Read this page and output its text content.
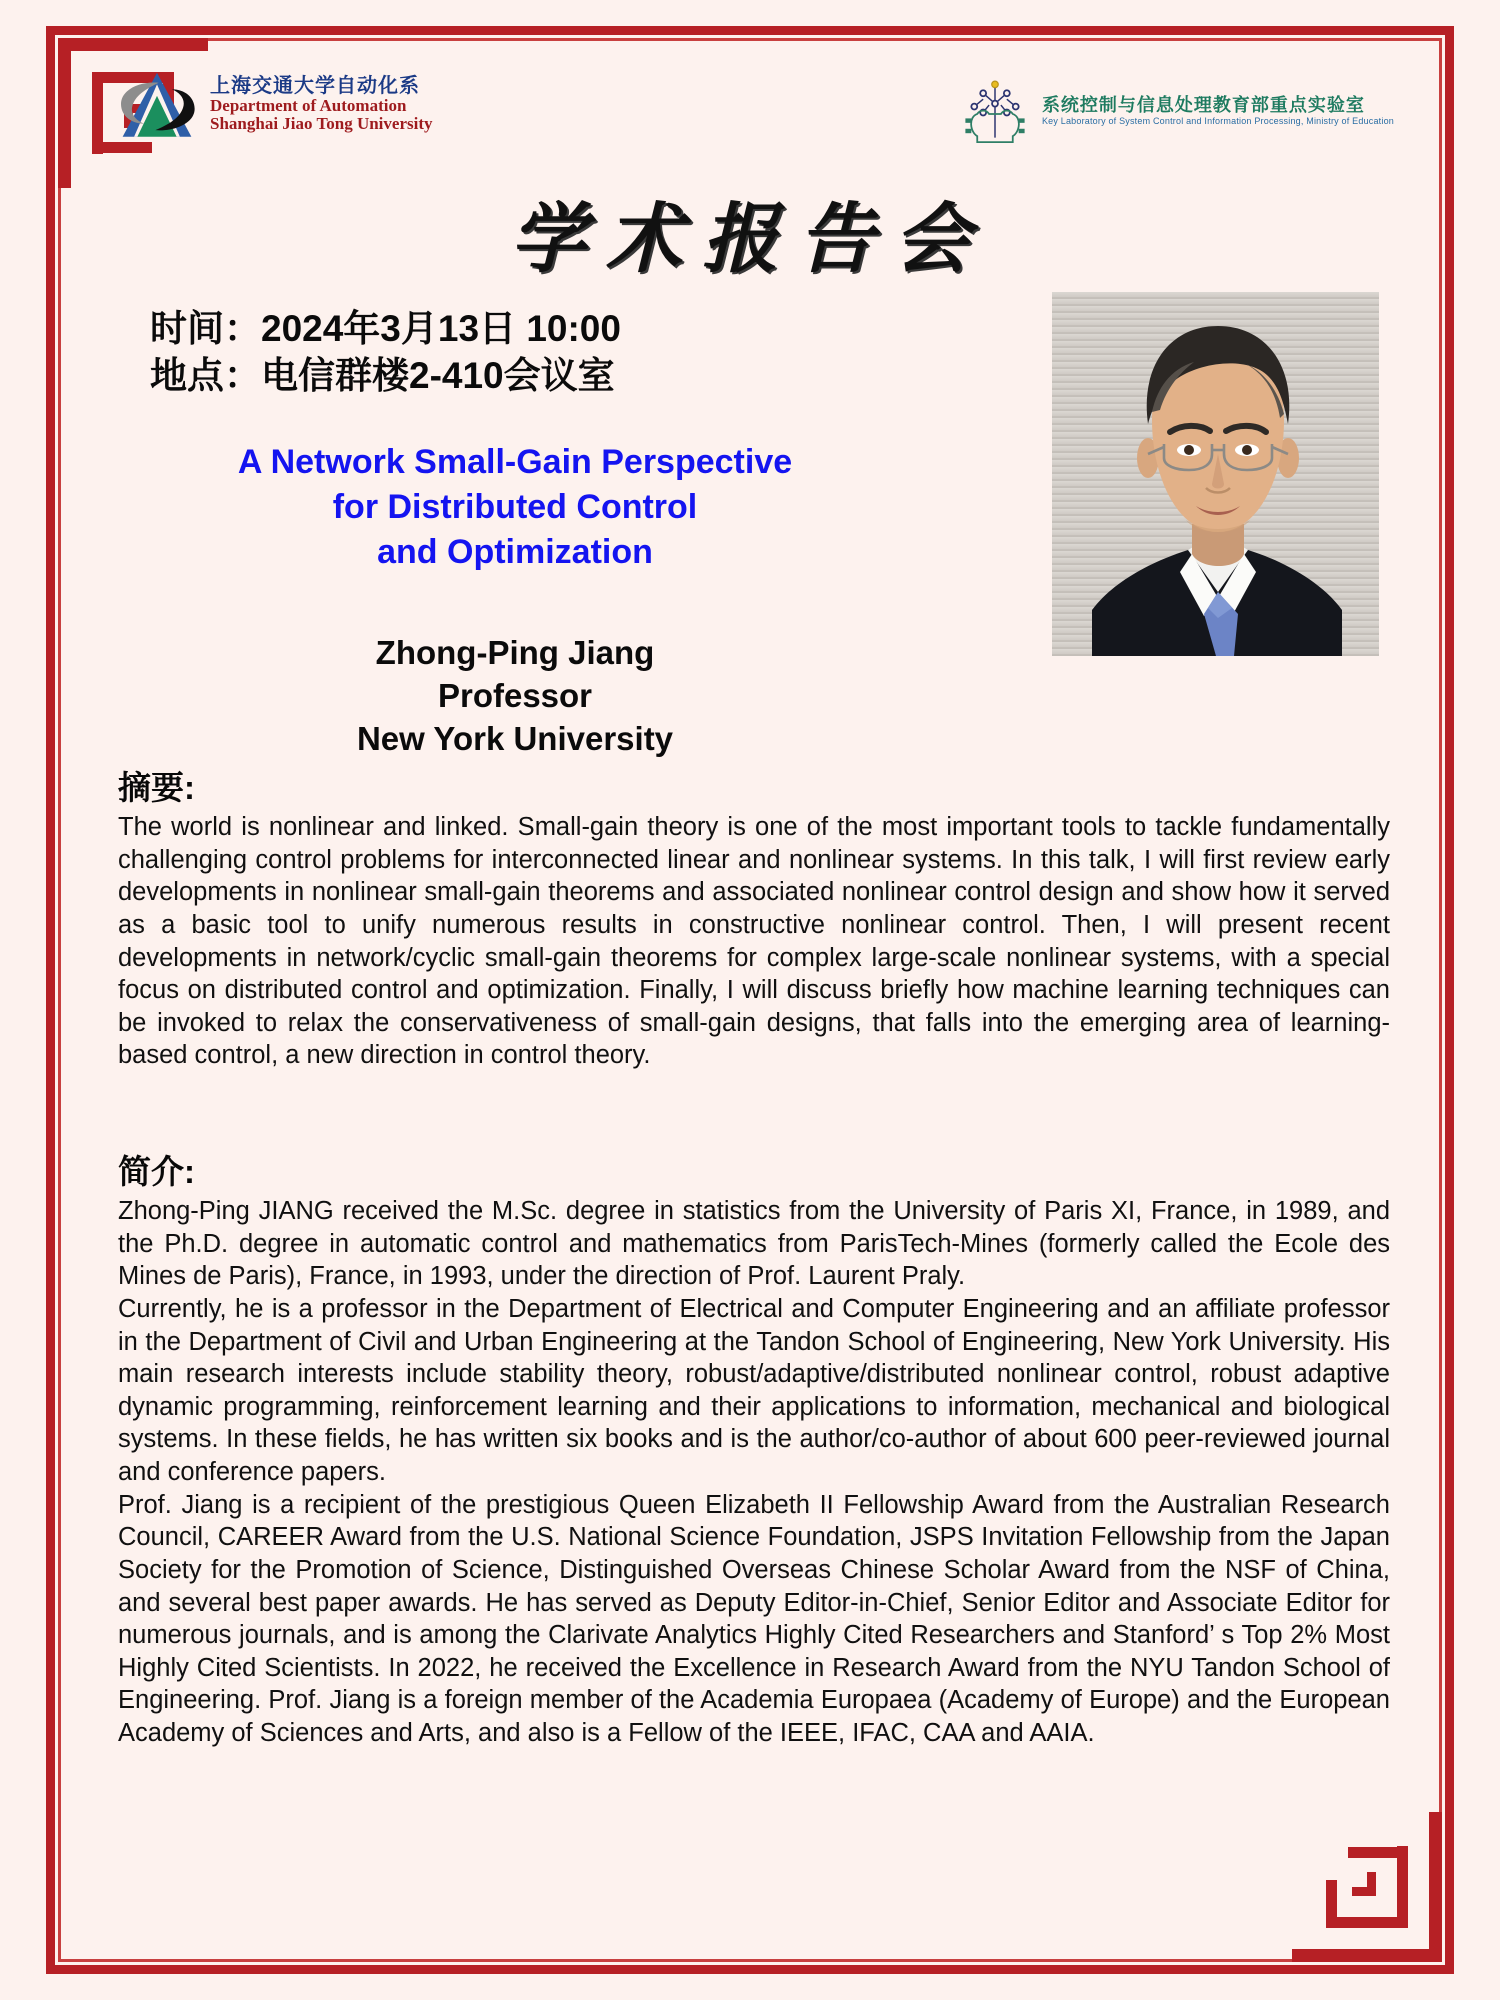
上海交通大学自动化系
Department of Automation
Shanghai Jiao Tong University
系统控制与信息处理教育部重点实验室
Key Laboratory of System Control and Information Processing, Ministry of Education
学术报告会
时间：2024年3月13日 10:00
地点：电信群楼2-410会议室
A Network Small-Gain Perspective
for Distributed Control
and Optimization
Zhong-Ping Jiang
Professor
New York University
摘要:
The world is nonlinear and linked. Small-gain theory is one of the most important tools to tackle fundamentally challenging control problems for interconnected linear and nonlinear systems. In this talk, I will first review early developments in nonlinear small-gain theorems and associated nonlinear control design and show how it served as a basic tool to unify numerous results in constructive nonlinear control. Then, I will present recent developments in network/cyclic small-gain theorems for complex large-scale nonlinear systems, with a special focus on distributed control and optimization. Finally, I will discuss briefly how machine learning techniques can be invoked to relax the conservativeness of small-gain designs, that falls into the emerging area of learning-based control, a new direction in control theory.
简介:

Zhong-Ping JIANG received the M.Sc. degree in statistics from the University of Paris XI, France, in 1989, and the Ph.D. degree in automatic control and mathematics from ParisTech-Mines (formerly called the Ecole des Mines de Paris), France, in 1993, under the direction of Prof. Laurent Praly.

Currently, he is a professor in the Department of Electrical and Computer Engineering and an affiliate professor in the Department of Civil and Urban Engineering at the Tandon School of Engineering, New York University. His main research interests include stability theory, robust/adaptive/distributed nonlinear control, robust adaptive dynamic programming, reinforcement learning and their applications to information, mechanical and biological systems. In these fields, he has written six books and is the author/co-author of about 600 peer-reviewed journal and conference papers.

Prof. Jiang is a recipient of the prestigious Queen Elizabeth II Fellowship Award from the Australian Research Council, CAREER Award from the U.S. National Science Foundation, JSPS Invitation Fellowship from the Japan Society for the Promotion of Science, Distinguished Overseas Chinese Scholar Award from the NSF of China, and several best paper awards. He has served as Deputy Editor-in-Chief, Senior Editor and Associate Editor for numerous journals, and is among the Clarivate Analytics Highly Cited Researchers and Stanford’ s Top 2% Most Highly Cited Scientists. In 2022, he received the Excellence in Research Award from the NYU Tandon School of Engineering. Prof. Jiang is a foreign member of the Academia Europaea (Academy of Europe) and the European Academy of Sciences and Arts, and also is a Fellow of the IEEE, IFAC, CAA and AAIA.
